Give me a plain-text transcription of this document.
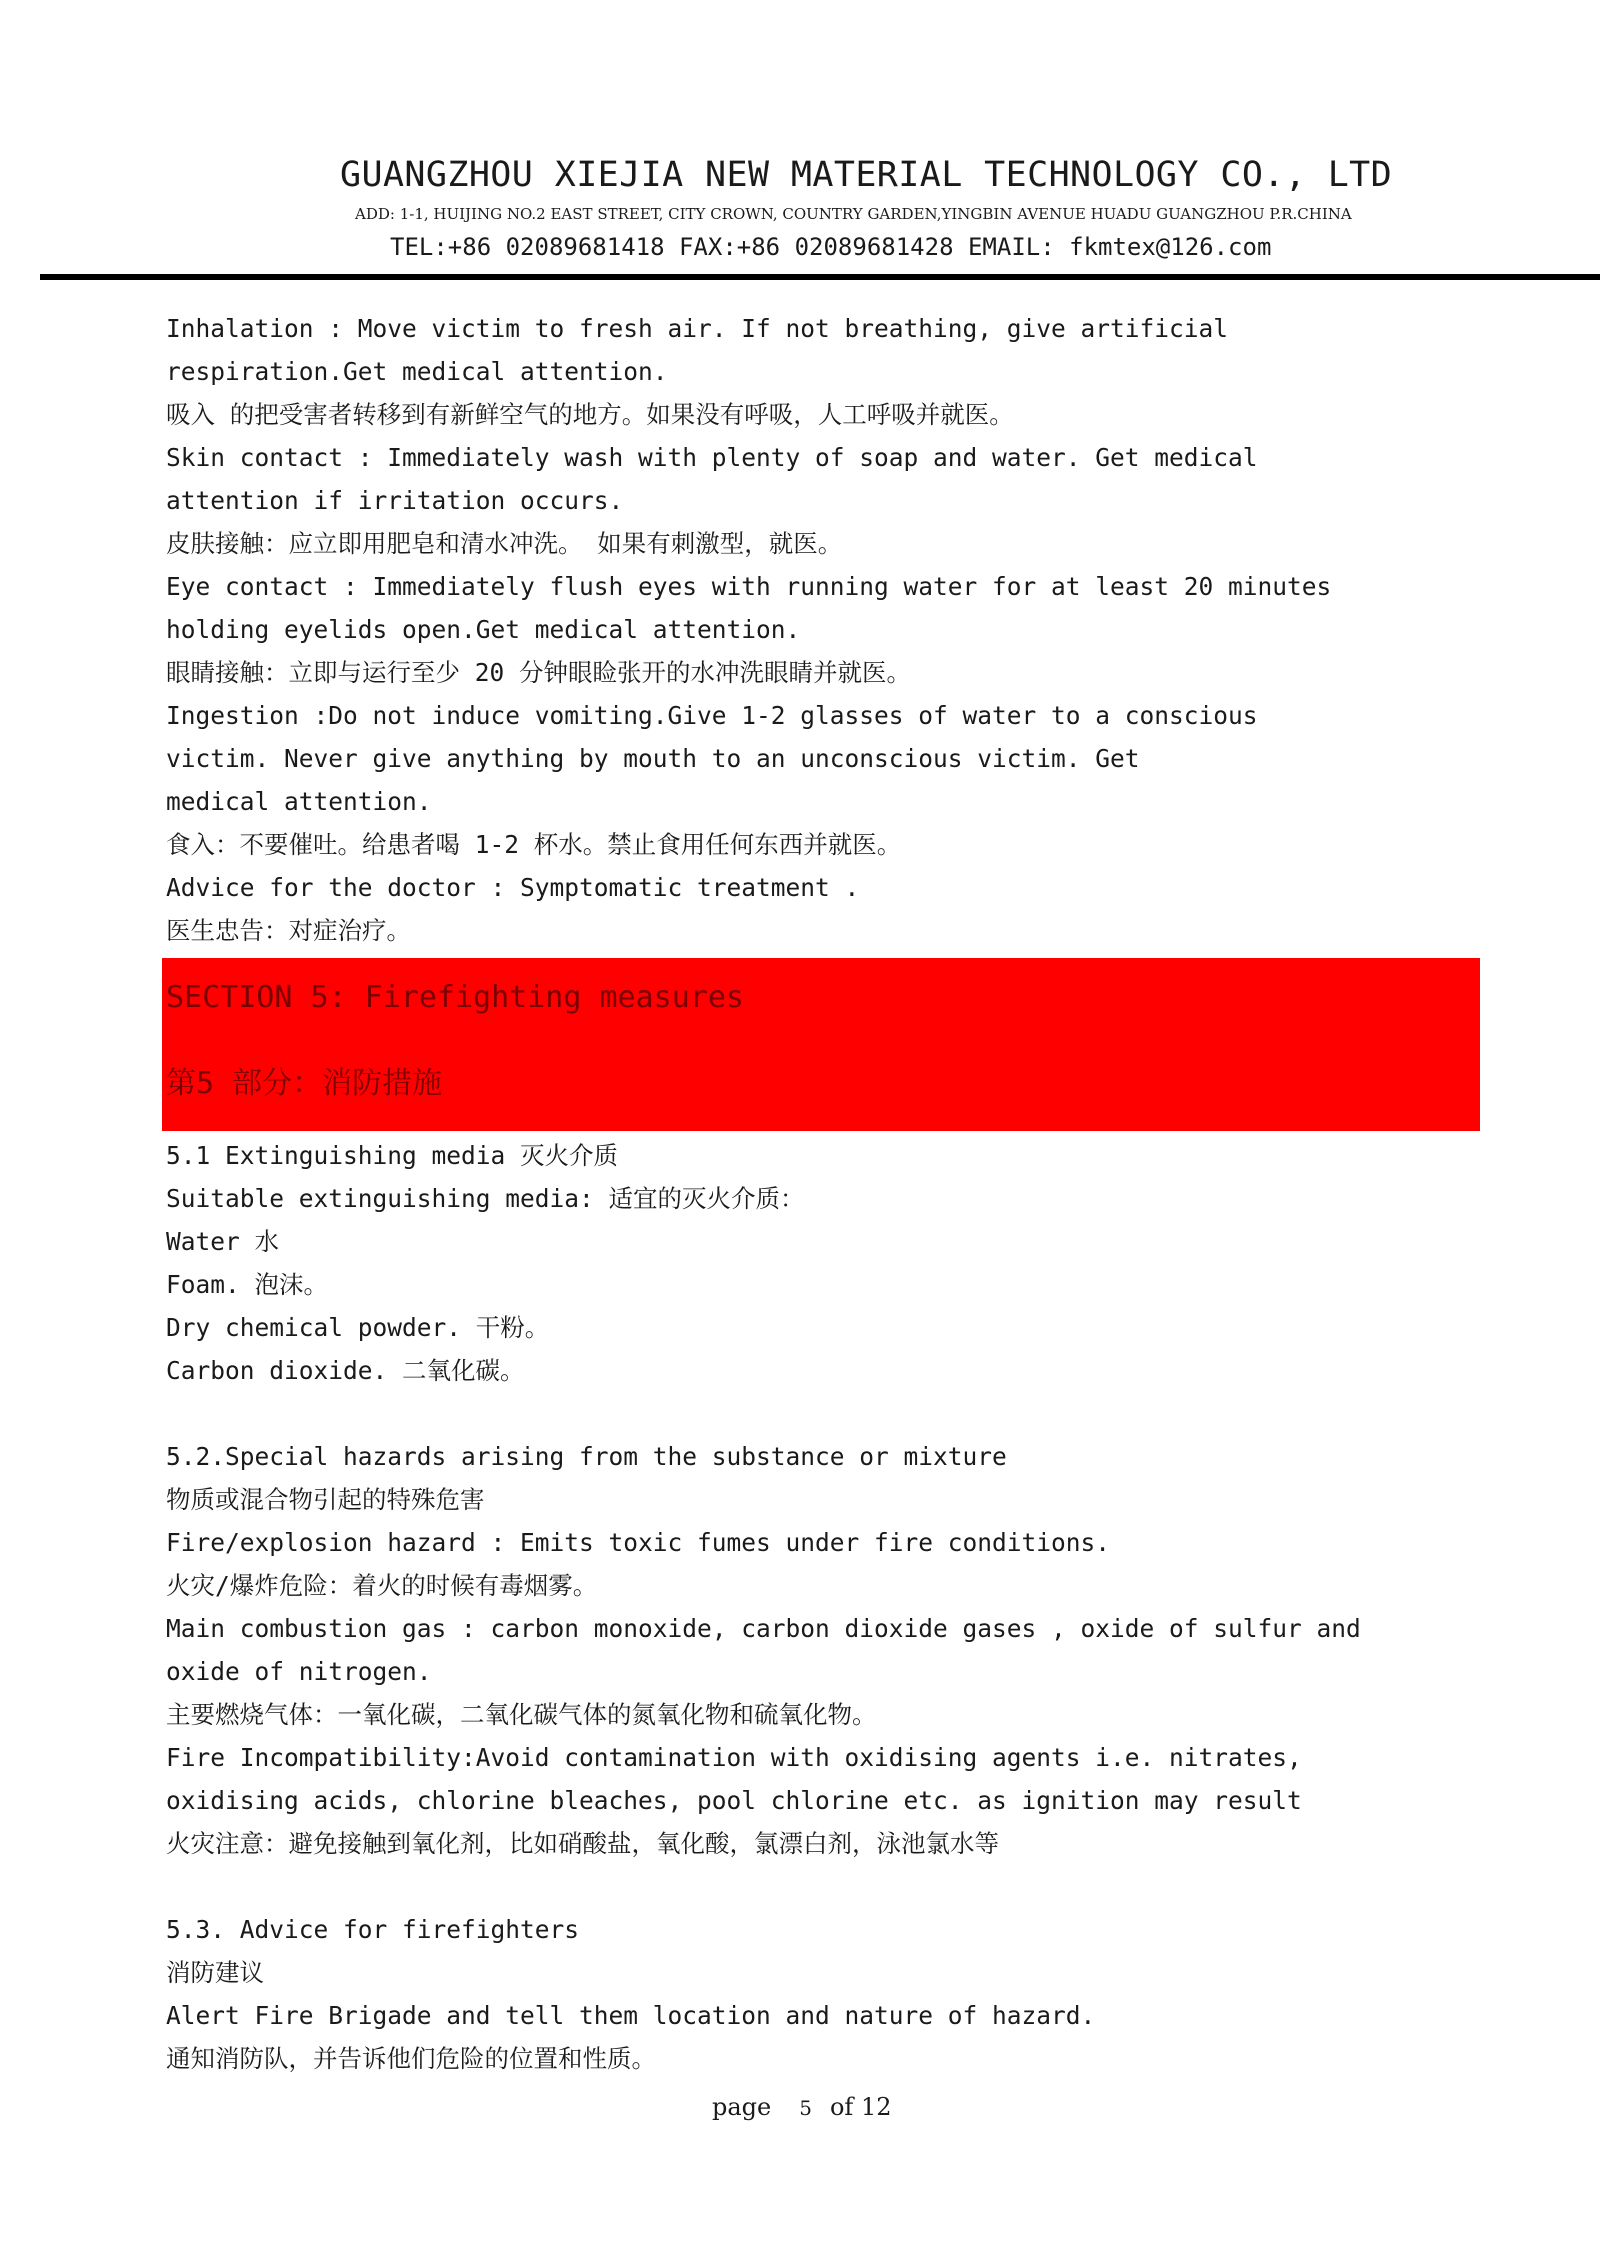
GUANGZHOU XIEJIA NEW MATERIAL TECHNOLOGY CO., LTD
ADD: 1-1, HUIJING NO.2 EAST STREET, CITY CROWN, COUNTRY GARDEN,YINGBIN AVENUE HUADU GUANGZHOU P.R.CHINA
TEL:+86 02089681418 FAX:+86 02089681428 EMAIL: fkmtex@126.com
Inhalation : Move victim to fresh air. If not breathing, give artificial
respiration.Get medical attention.
吸入 的把受害者转移到有新鲜空气的地方。如果没有呼吸，人工呼吸并就医。
Skin contact : Immediately wash with plenty of soap and water. Get medical
attention if irritation occurs.
皮肤接触：应立即用肥皂和清水冲洗。 如果有刺激型，就医。
Eye contact : Immediately flush eyes with running water for at least 20 minutes
holding eyelids open.Get medical attention.
眼睛接触：立即与运行至少 20 分钟眼睑张开的水冲洗眼睛并就医。
Ingestion :Do not induce vomiting.Give 1-2 glasses of water to a conscious
victim. Never give anything by mouth to an unconscious victim. Get
medical attention.
食入：不要催吐。给患者喝 1-2 杯水。禁止食用任何东西并就医。
Advice for the doctor : Symptomatic treatment .
医生忠告：对症治疗。
SECTION 5: Firefighting measures
第5 部分：消防措施
5.1 Extinguishing media 灭火介质
Suitable extinguishing media: 适宜的灭火介质：
Water 水
Foam. 泡沫。
Dry chemical powder. 干粉。
Carbon dioxide. 二氧化碳。
5.2.Special hazards arising from the substance or mixture
物质或混合物引起的特殊危害
Fire/explosion hazard : Emits toxic fumes under fire conditions.
火灾/爆炸危险：着火的时候有毒烟雾。
Main combustion gas : carbon monoxide, carbon dioxide gases , oxide of sulfur and
oxide of nitrogen.
主要燃烧气体：一氧化碳，二氧化碳气体的氮氧化物和硫氧化物。
Fire Incompatibility:Avoid contamination with oxidising agents i.e. nitrates,
oxidising acids, chlorine bleaches, pool chlorine etc. as ignition may result
火灾注意：避免接触到氧化剂，比如硝酸盐，氧化酸，氯漂白剂，泳池氯水等
5.3. Advice for firefighters
消防建议
Alert Fire Brigade and tell them location and nature of hazard.
通知消防队，并告诉他们危险的位置和性质。
page 5 of 12
